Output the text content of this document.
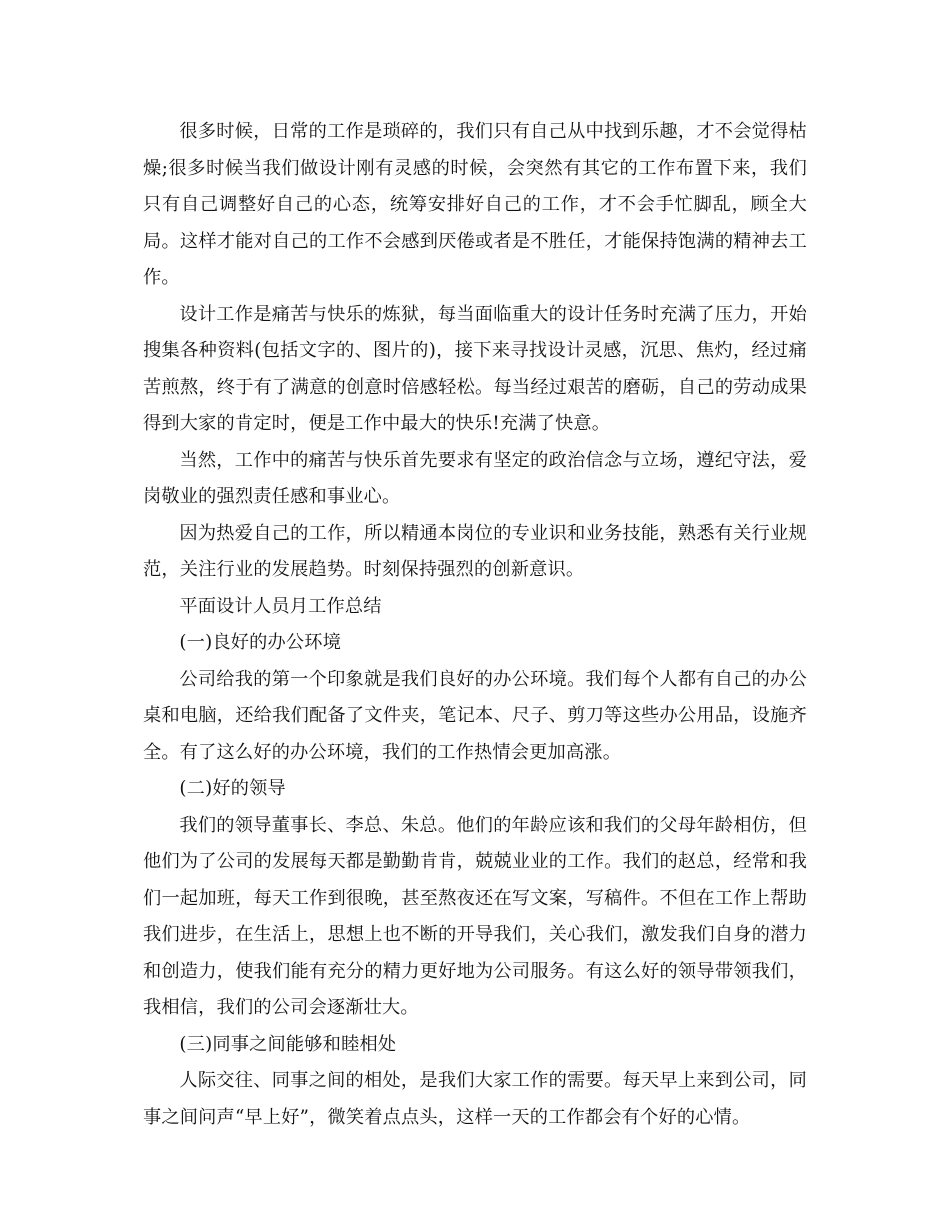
很多时候，日常的工作是琐碎的，我们只有自己从中找到乐趣，才不会觉得枯燥;很多时候当我们做设计刚有灵感的时候，会突然有其它的工作布置下来，我们只有自己调整好自己的心态，统筹安排好自己的工作，才不会手忙脚乱，顾全大局。这样才能对自己的工作不会感到厌倦或者是不胜任，才能保持饱满的精神去工作。

设计工作是痛苦与快乐的炼狱，每当面临重大的设计任务时充满了压力，开始搜集各种资料(包括文字的、图片的)，接下来寻找设计灵感，沉思、焦灼，经过痛苦煎熬，终于有了满意的创意时倍感轻松。每当经过艰苦的磨砺，自己的劳动成果得到大家的肯定时，便是工作中最大的快乐!充满了快意。

当然，工作中的痛苦与快乐首先要求有坚定的政治信念与立场，遵纪守法，爱岗敬业的强烈责任感和事业心。

因为热爱自己的工作，所以精通本岗位的专业识和业务技能，熟悉有关行业规范，关注行业的发展趋势。时刻保持强烈的创新意识。

平面设计人员月工作总结

(一)良好的办公环境

公司给我的第一个印象就是我们良好的办公环境。我们每个人都有自己的办公桌和电脑，还给我们配备了文件夹，笔记本、尺子、剪刀等这些办公用品，设施齐全。有了这么好的办公环境，我们的工作热情会更加高涨。

(二)好的领导

我们的领导董事长、李总、朱总。他们的年龄应该和我们的父母年龄相仿，但他们为了公司的发展每天都是勤勤肯肯，兢兢业业的工作。我们的赵总，经常和我们一起加班，每天工作到很晚，甚至熬夜还在写文案，写稿件。不但在工作上帮助我们进步，在生活上，思想上也不断的开导我们，关心我们，激发我们自身的潜力和创造力，使我们能有充分的精力更好地为公司服务。有这么好的领导带领我们，我相信，我们的公司会逐渐壮大。

(三)同事之间能够和睦相处

人际交往、同事之间的相处，是我们大家工作的需要。每天早上来到公司，同事之间问声“早上好”，微笑着点点头，这样一天的工作都会有个好的心情。
